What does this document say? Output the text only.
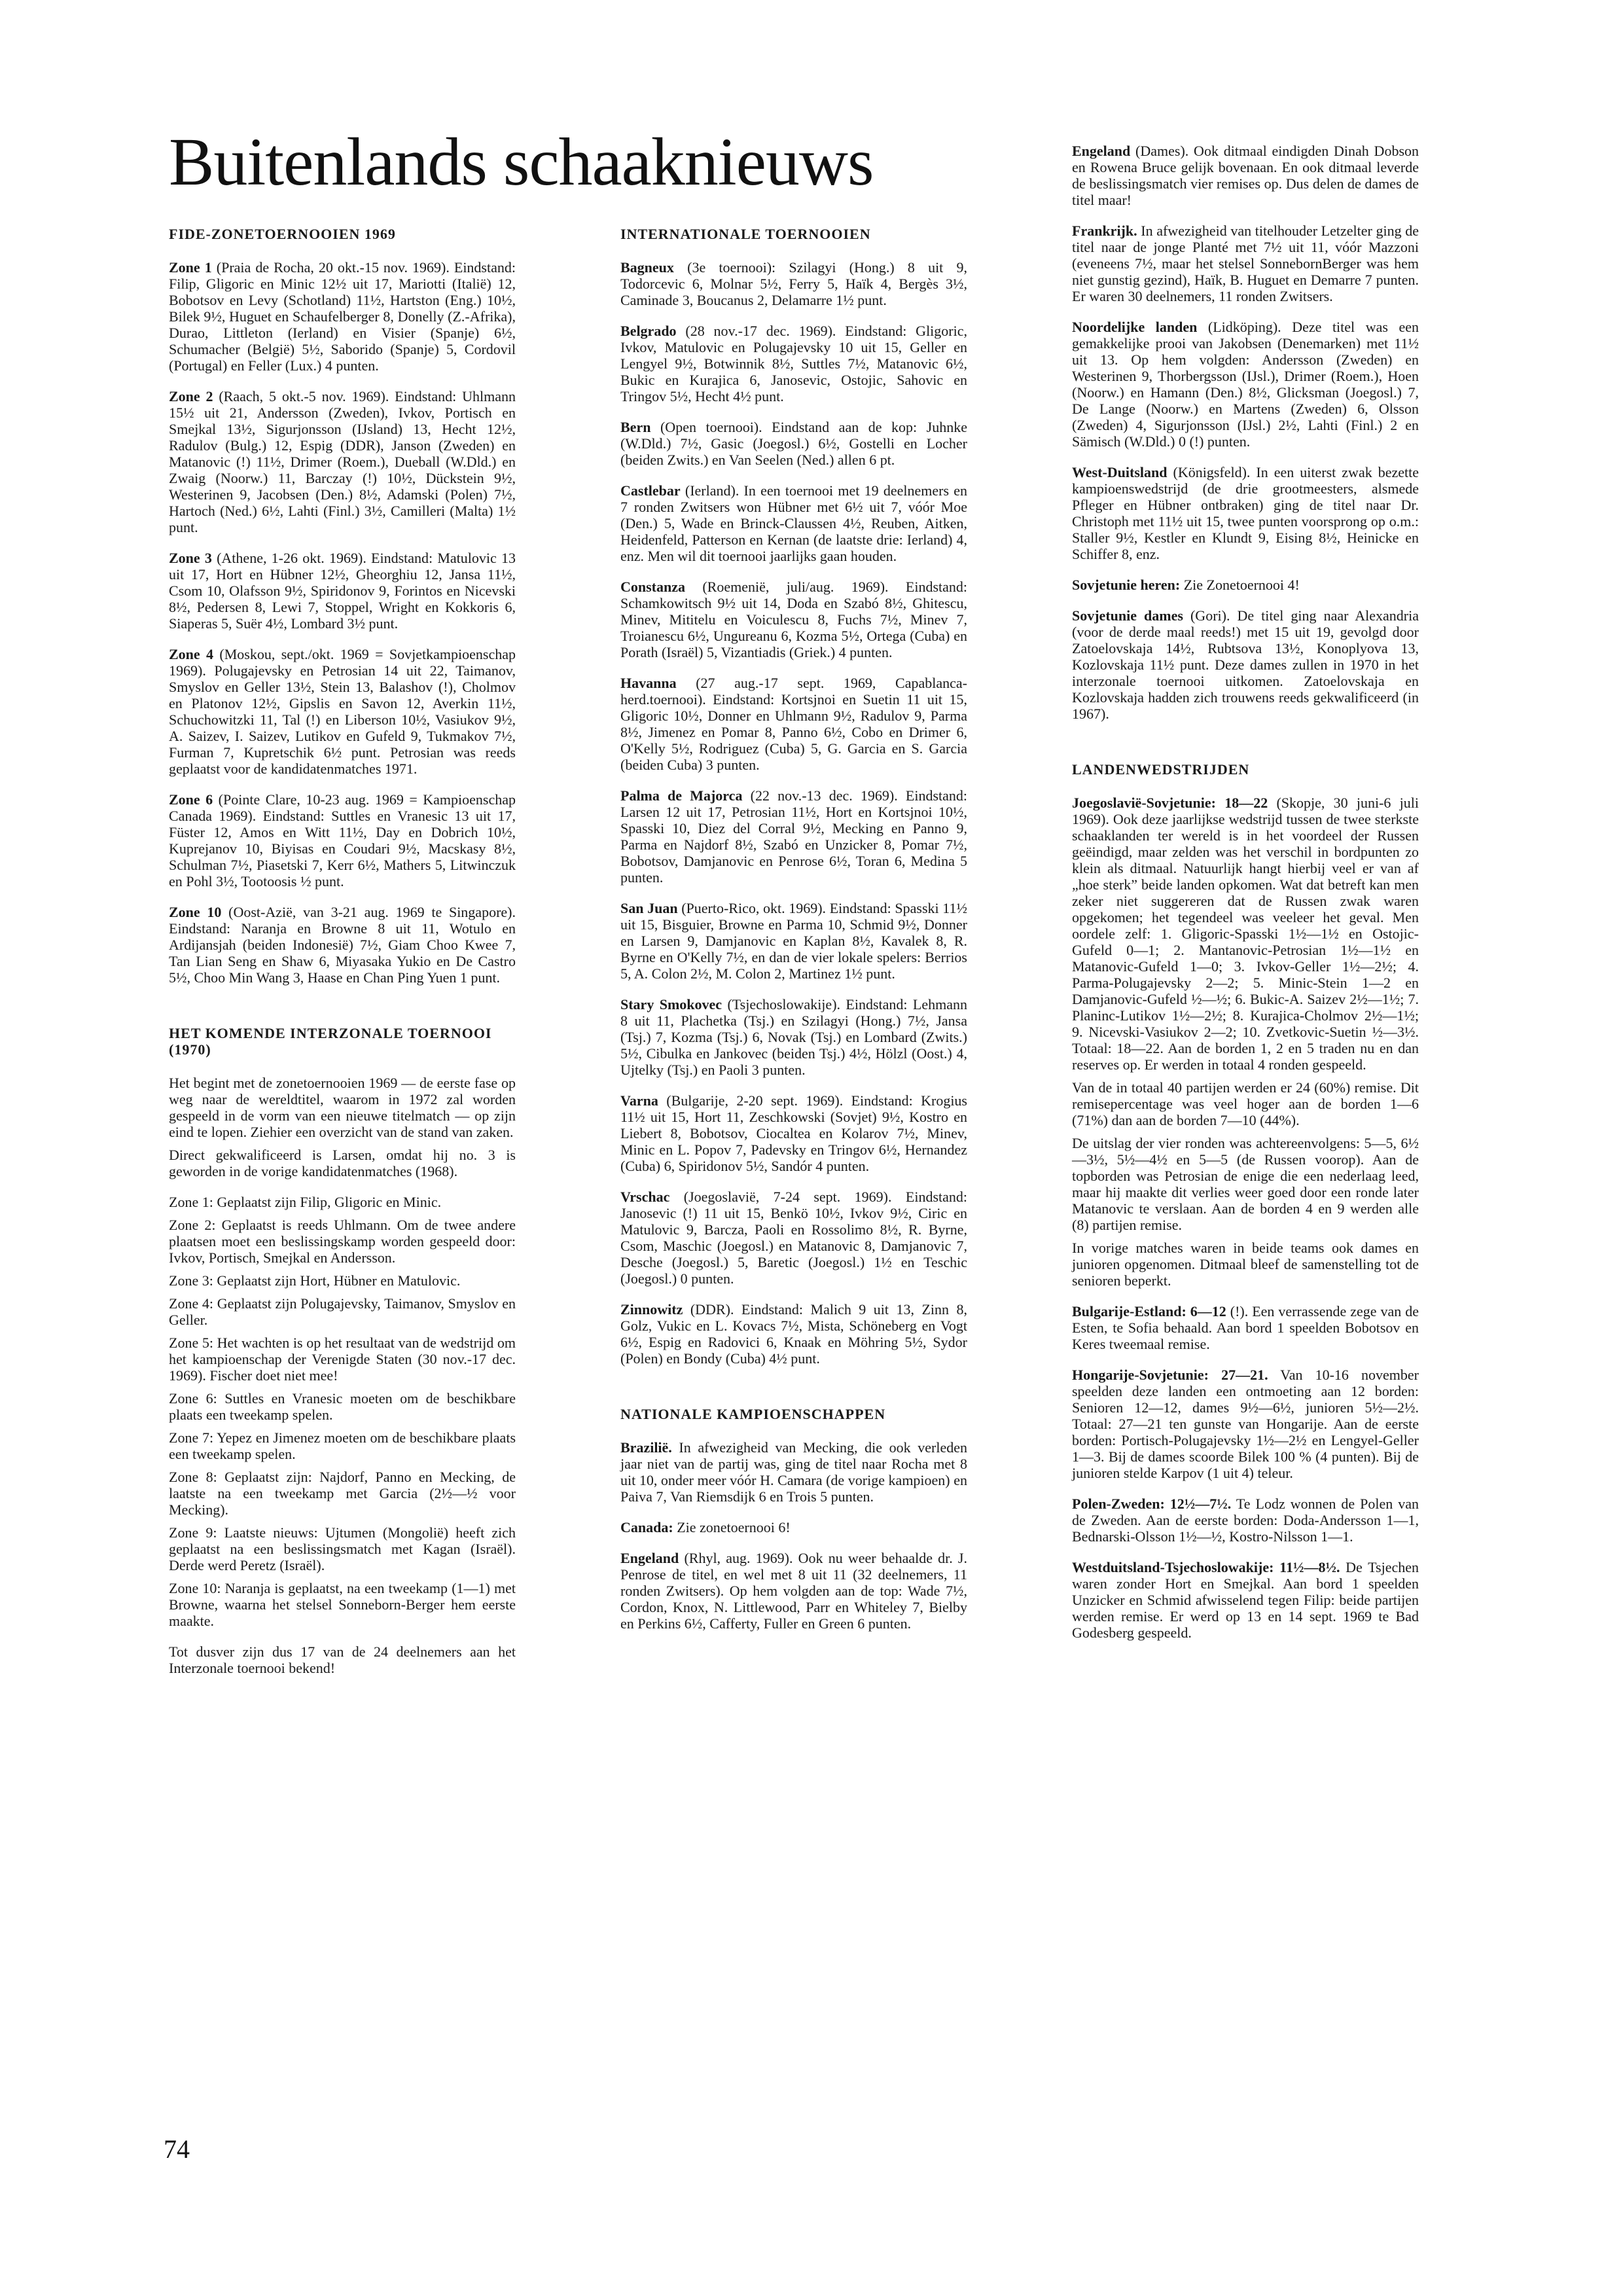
Buitenlands schaaknieuws
FIDE-ZONETOERNOOIEN 1969

Zone 1 (Praia de Rocha, 20 okt.-15 nov. 1969). Eindstand: Filip, Gligoric en Minic 12½ uit 17, Mariotti (Italië) 12, Bobotsov en Levy (Schotland) 11½, Hartston (Eng.) 10½, Bilek 9½, Huguet en Schaufelberger 8, Donelly (Z.-Afrika), Durao, Littleton (Ierland) en Visier (Spanje) 6½, Schumacher (België) 5½, Saborido (Spanje) 5, Cordovil (Portugal) en Feller (Lux.) 4 punten.

Zone 2 (Raach, 5 okt.-5 nov. 1969). Eindstand: Uhlmann 15½ uit 21, Andersson (Zweden), Ivkov, Portisch en Smejkal 13½, Sigurjonsson (IJsland) 13, Hecht 12½, Radulov (Bulg.) 12, Espig (DDR), Janson (Zweden) en Matanovic (!) 11½, Drimer (Roem.), Dueball (W.Dld.) en Zwaig (Noorw.) 11, Barczay (!) 10½, Dückstein 9½, Westerinen 9, Jacobsen (Den.) 8½, Adamski (Polen) 7½, Hartoch (Ned.) 6½, Lahti (Finl.) 3½, Camilleri (Malta) 1½ punt.

Zone 3 (Athene, 1-26 okt. 1969). Eindstand: Matulovic 13 uit 17, Hort en Hübner 12½, Gheorghiu 12, Jansa 11½, Csom 10, Olafsson 9½, Spiridonov 9, Forintos en Nicevski 8½, Pedersen 8, Lewi 7, Stoppel, Wright en Kokkoris 6, Siaperas 5, Suër 4½, Lombard 3½ punt.

Zone 4 (Moskou, sept./okt. 1969 = Sovjetkampioenschap 1969). Polugajevsky en Petrosian 14 uit 22, Taimanov, Smyslov en Geller 13½, Stein 13, Balashov (!), Cholmov en Platonov 12½, Gipslis en Savon 12, Averkin 11½, Schuchowitzki 11, Tal (!) en Liberson 10½, Vasiukov 9½, A. Saizev, I. Saizev, Lutikov en Gufeld 9, Tukmakov 7½, Furman 7, Kupretschik 6½ punt. Petrosian was reeds geplaatst voor de kandidatenmatches 1971.

Zone 6 (Pointe Clare, 10-23 aug. 1969 = Kampioenschap Canada 1969). Eindstand: Suttles en Vranesic 13 uit 17, Füster 12, Amos en Witt 11½, Day en Dobrich 10½, Kuprejanov 10, Biyisas en Coudari 9½, Macskasy 8½, Schulman 7½, Piasetski 7, Kerr 6½, Mathers 5, Litwinczuk en Pohl 3½, Tootoosis ½ punt.

Zone 10 (Oost-Azië, van 3-21 aug. 1969 te Singapore). Eindstand: Naranja en Browne 8 uit 11, Wotulo en Ardijansjah (beiden Indonesië) 7½, Giam Choo Kwee 7, Tan Lian Seng en Shaw 6, Miyasaka Yukio en De Castro 5½, Choo Min Wang 3, Haase en Chan Ping Yuen 1 punt.

HET KOMENDE INTERZONALE TOERNOOI (1970)

Het begint met de zonetoernooien 1969 — de eerste fase op weg naar de wereldtitel, waarom in 1972 zal worden gespeeld in de vorm van een nieuwe titelmatch — op zijn eind te lopen. Ziehier een overzicht van de stand van zaken.

Direct gekwalificeerd is Larsen, omdat hij no. 3 is geworden in de vorige kandidatenmatches (1968).

Zone 1: Geplaatst zijn Filip, Gligoric en Minic.

Zone 2: Geplaatst is reeds Uhlmann. Om de twee andere plaatsen moet een beslissingskamp worden gespeeld door: Ivkov, Portisch, Smejkal en Andersson.

Zone 3: Geplaatst zijn Hort, Hübner en Matulovic.

Zone 4: Geplaatst zijn Polugajevsky, Taimanov, Smyslov en Geller.

Zone 5: Het wachten is op het resultaat van de wedstrijd om het kampioenschap der Verenigde Staten (30 nov.-17 dec. 1969). Fischer doet niet mee!

Zone 6: Suttles en Vranesic moeten om de beschikbare plaats een tweekamp spelen.

Zone 7: Yepez en Jimenez moeten om de beschikbare plaats een tweekamp spelen.

Zone 8: Geplaatst zijn: Najdorf, Panno en Mecking, de laatste na een tweekamp met Garcia (2½—½ voor Mecking).

Zone 9: Laatste nieuws: Ujtumen (Mongolië) heeft zich geplaatst na een beslissingsmatch met Kagan (Israël). Derde werd Peretz (Israël).

Zone 10: Naranja is geplaatst, na een tweekamp (1—1) met Browne, waarna het stelsel Sonneborn-Berger hem eerste maakte.

Tot dusver zijn dus 17 van de 24 deelnemers aan het Interzonale toernooi bekend!

INTERNATIONALE TOERNOOIEN

Bagneux (3e toernooi): Szilagyi (Hong.) 8 uit 9, Todorcevic 6, Molnar 5½, Ferry 5, Haïk 4, Bergès 3½, Caminade 3, Boucanus 2, Delamarre 1½ punt.

Belgrado (28 nov.-17 dec. 1969). Eindstand: Gligoric, Ivkov, Matulovic en Polugajevsky 10 uit 15, Geller en Lengyel 9½, Botwinnik 8½, Suttles 7½, Matanovic 6½, Bukic en Kurajica 6, Janosevic, Ostojic, Sahovic en Tringov 5½, Hecht 4½ punt.

Bern (Open toernooi). Eindstand aan de kop: Juhnke (W.Dld.) 7½, Gasic (Joegosl.) 6½, Gostelli en Locher (beiden Zwits.) en Van Seelen (Ned.) allen 6 pt.

Castlebar (Ierland). In een toernooi met 19 deelnemers en 7 ronden Zwitsers won Hübner met 6½ uit 7, vóór Moe (Den.) 5, Wade en Brinck-Claussen 4½, Reuben, Aitken, Heidenfeld, Patterson en Kernan (de laatste drie: Ierland) 4, enz. Men wil dit toernooi jaarlijks gaan houden.

Constanza (Roemenië, juli/aug. 1969). Eindstand: Schamkowitsch 9½ uit 14, Doda en Szabó 8½, Ghitescu, Minev, Mititelu en Voiculescu 8, Fuchs 7½, Minev 7, Troianescu 6½, Ungureanu 6, Kozma 5½, Ortega (Cuba) en Porath (Israël) 5, Vizantiadis (Griek.) 4 punten.

Havanna (27 aug.-17 sept. 1969, Capablanca-herd.toernooi). Eindstand: Kortsjnoi en Suetin 11 uit 15, Gligoric 10½, Donner en Uhlmann 9½, Radulov 9, Parma 8½, Jimenez en Pomar 8, Panno 6½, Cobo en Drimer 6, O'Kelly 5½, Rodriguez (Cuba) 5, G. Garcia en S. Garcia (beiden Cuba) 3 punten.

Palma de Majorca (22 nov.-13 dec. 1969). Eindstand: Larsen 12 uit 17, Petrosian 11½, Hort en Kortsjnoi 10½, Spasski 10, Diez del Corral 9½, Mecking en Panno 9, Parma en Najdorf 8½, Szabó en Unzicker 8, Pomar 7½, Bobotsov, Damjanovic en Penrose 6½, Toran 6, Medina 5 punten.

San Juan (Puerto-Rico, okt. 1969). Eindstand: Spasski 11½ uit 15, Bisguier, Browne en Parma 10, Schmid 9½, Donner en Larsen 9, Damjanovic en Kaplan 8½, Kavalek 8, R. Byrne en O'Kelly 7½, en dan de vier lokale spelers: Berrios 5, A. Colon 2½, M. Colon 2, Martinez 1½ punt.

Stary Smokovec (Tsjechoslowakije). Eindstand: Lehmann 8 uit 11, Plachetka (Tsj.) en Szilagyi (Hong.) 7½, Jansa (Tsj.) 7, Kozma (Tsj.) 6, Novak (Tsj.) en Lombard (Zwits.) 5½, Cibulka en Jankovec (beiden Tsj.) 4½, Hölzl (Oost.) 4, Ujtelky (Tsj.) en Paoli 3 punten.

Varna (Bulgarije, 2-20 sept. 1969). Eindstand: Krogius 11½ uit 15, Hort 11, Zeschkowski (Sovjet) 9½, Kostro en Liebert 8, Bobotsov, Ciocaltea en Kolarov 7½, Minev, Minic en L. Popov 7, Padevsky en Tringov 6½, Hernandez (Cuba) 6, Spiridonov 5½, Sandór 4 punten.

Vrschac (Joegoslavië, 7-24 sept. 1969). Eindstand: Janosevic (!) 11 uit 15, Benkö 10½, Ivkov 9½, Ciric en Matulovic 9, Barcza, Paoli en Rossolimo 8½, R. Byrne, Csom, Maschic (Joegosl.) en Matanovic 8, Damjanovic 7, Desche (Joegosl.) 5, Baretic (Joegosl.) 1½ en Teschic (Joegosl.) 0 punten.

Zinnowitz (DDR). Eindstand: Malich 9 uit 13, Zinn 8, Golz, Vukic en L. Kovacs 7½, Mista, Schöneberg en Vogt 6½, Espig en Radovici 6, Knaak en Möhring 5½, Sydor (Polen) en Bondy (Cuba) 4½ punt.

NATIONALE KAMPIOENSCHAPPEN

Brazilië. In afwezigheid van Mecking, die ook verleden jaar niet van de partij was, ging de titel naar Rocha met 8 uit 10, onder meer vóór H. Camara (de vorige kampioen) en Paiva 7, Van Riemsdijk 6 en Trois 5 punten.

Canada: Zie zonetoernooi 6!

Engeland (Rhyl, aug. 1969). Ook nu weer behaalde dr. J. Penrose de titel, en wel met 8 uit 11 (32 deelnemers, 11 ronden Zwitsers). Op hem volgden aan de top: Wade 7½, Cordon, Knox, N. Littlewood, Parr en Whiteley 7, Bielby en Perkins 6½, Cafferty, Fuller en Green 6 punten.

Engeland (Dames). Ook ditmaal eindigden Dinah Dobson en Rowena Bruce gelijk bovenaan. En ook ditmaal leverde de beslissingsmatch vier remises op. Dus delen de dames de titel maar!

Frankrijk. In afwezigheid van titelhouder Letzelter ging de titel naar de jonge Planté met 7½ uit 11, vóór Mazzoni (eveneens 7½, maar het stelsel SonnebornBerger was hem niet gunstig gezind), Haïk, B. Huguet en Demarre 7 punten. Er waren 30 deelnemers, 11 ronden Zwitsers.

Noordelijke landen (Lidköping). Deze titel was een gemakkelijke prooi van Jakobsen (Denemarken) met 11½ uit 13. Op hem volgden: Andersson (Zweden) en Westerinen 9, Thorbergsson (IJsl.), Drimer (Roem.), Hoen (Noorw.) en Hamann (Den.) 8½, Glicksman (Joegosl.) 7, De Lange (Noorw.) en Martens (Zweden) 6, Olsson (Zweden) 4, Sigurjonsson (IJsl.) 2½, Lahti (Finl.) 2 en Sämisch (W.Dld.) 0 (!) punten.

West-Duitsland (Königsfeld). In een uiterst zwak bezette kampioenswedstrijd (de drie grootmeesters, alsmede Pfleger en Hübner ontbraken) ging de titel naar Dr. Christoph met 11½ uit 15, twee punten voorsprong op o.m.: Staller 9½, Kestler en Klundt 9, Eising 8½, Heinicke en Schiffer 8, enz.

Sovjetunie heren: Zie Zonetoernooi 4!

Sovjetunie dames (Gori). De titel ging naar Alexandria (voor de derde maal reeds!) met 15 uit 19, gevolgd door Zatoelovskaja 14½, Rubtsova 13½, Konoplyova 13, Kozlovskaja 11½ punt. Deze dames zullen in 1970 in het interzonale toernooi uitkomen. Zatoelovskaja en Kozlovskaja hadden zich trouwens reeds gekwalificeerd (in 1967).

LANDENWEDSTRIJDEN

Joegoslavië-Sovjetunie: 18—22 (Skopje, 30 juni-6 juli 1969). Ook deze jaarlijkse wedstrijd tussen de twee sterkste schaaklanden ter wereld is in het voordeel der Russen geëindigd, maar zelden was het verschil in bordpunten zo klein als ditmaal. Natuurlijk hangt hierbij veel er van af „hoe sterk” beide landen opkomen. Wat dat betreft kan men zeker niet suggereren dat de Russen zwak waren opgekomen; het tegendeel was veeleer het geval. Men oordele zelf: 1. Gligoric-Spasski 1½—1½ en Ostojic-Gufeld 0—1; 2. Mantanovic-Petrosian 1½—1½ en Matanovic-Gufeld 1—0; 3. Ivkov-Geller 1½—2½; 4. Parma-Polugajevsky 2—2; 5. Minic-Stein 1—2 en Damjanovic-Gufeld ½—½; 6. Bukic-A. Saizev 2½—1½; 7. Planinc-Lutikov 1½—2½; 8. Kurajica-Cholmov 2½—1½; 9. Nicevski-Vasiukov 2—2; 10. Zvetkovic-Suetin ½—3½. Totaal: 18—22. Aan de borden 1, 2 en 5 traden nu en dan reserves op. Er werden in totaal 4 ronden gespeeld.

Van de in totaal 40 partijen werden er 24 (60%) remise. Dit remisepercentage was veel hoger aan de borden 1—6 (71%) dan aan de borden 7—10 (44%).

De uitslag der vier ronden was achtereenvolgens: 5—5, 6½—3½, 5½—4½ en 5—5 (de Russen voorop). Aan de topborden was Petrosian de enige die een nederlaag leed, maar hij maakte dit verlies weer goed door een ronde later Matanovic te verslaan. Aan de borden 4 en 9 werden alle (8) partijen remise.

In vorige matches waren in beide teams ook dames en junioren opgenomen. Ditmaal bleef de samenstelling tot de senioren beperkt.

Bulgarije-Estland: 6—12 (!). Een verrassende zege van de Esten, te Sofia behaald. Aan bord 1 speelden Bobotsov en Keres tweemaal remise.

Hongarije-Sovjetunie: 27—21. Van 10-16 november speelden deze landen een ontmoeting aan 12 borden: Senioren 12—12, dames 9½—6½, junioren 5½—2½. Totaal: 27—21 ten gunste van Hongarije. Aan de eerste borden: Portisch-Polugajevsky 1½—2½ en Lengyel-Geller 1—3. Bij de dames scoorde Bilek 100 % (4 punten). Bij de junioren stelde Karpov (1 uit 4) teleur.

Polen-Zweden: 12½—7½. Te Lodz wonnen de Polen van de Zweden. Aan de eerste borden: Doda-Andersson 1—1, Bednarski-Olsson 1½—½, Kostro-Nilsson 1—1.

Westduitsland-Tsjechoslowakije: 11½—8½. De Tsjechen waren zonder Hort en Smejkal. Aan bord 1 speelden Unzicker en Schmid afwisselend tegen Filip: beide partijen werden remise. Er werd op 13 en 14 sept. 1969 te Bad Godesberg gespeeld.

74
